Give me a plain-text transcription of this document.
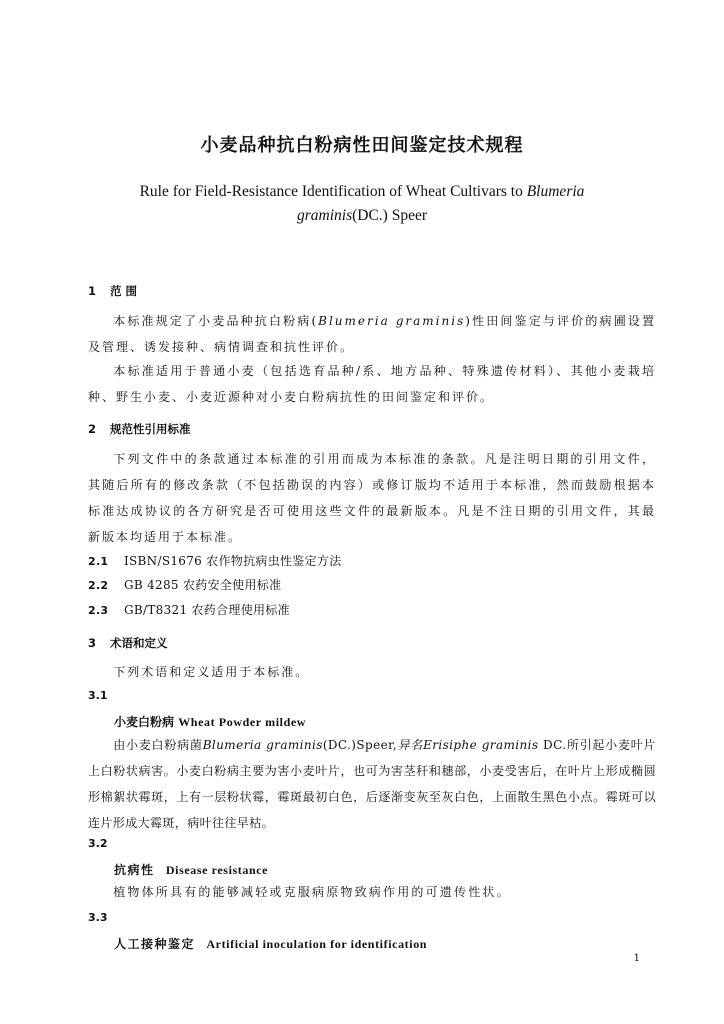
小麦品种抗白粉病性田间鉴定技术规程
Rule for Field-Resistance Identification of Wheat Cultivars to Blumeria
graminis(DC.) Speer
1 范 围

本标准规定了小麦品种抗白粉病(Blumeria graminis)性田间鉴定与评价的病圃设置及管理、诱发接种、病情调查和抗性评价。

本标准适用于普通小麦（包括选育品种/系、地方品种、特殊遗传材料）、其他小麦栽培种、野生小麦、小麦近源种对小麦白粉病抗性的田间鉴定和评价。

2 规范性引用标准

下列文件中的条款通过本标准的引用而成为本标准的条款。凡是注明日期的引用文件，其随后所有的修改条款（不包括勘误的内容）或修订版均不适用于本标准，然而鼓励根据本标准达成协议的各方研究是否可使用这些文件的最新版本。凡是不注日期的引用文件，其最新版本均适用于本标准。

2.1 ISBN/S1676 农作物抗病虫性鉴定方法
2.2 GB 4285 农药安全使用标准
2.3 GB/T8321 农药合理使用标准
3 术语和定义

下列术语和定义适用于本标准。

3.1
小麦白粉病 Wheat Powder mildew

由小麦白粉病菌Blumeria graminis(DC.)Speer,异名Erisiphe graminis DC.所引起小麦叶片上白粉状病害。小麦白粉病主要为害小麦叶片，也可为害茎秆和穗部，小麦受害后，在叶片上形成椭圆形棉絮状霉斑，上有一层粉状霉，霉斑最初白色，后逐渐变灰至灰白色，上面散生黑色小点。霉斑可以连片形成大霉斑，病叶往往早枯。

3.2
抗病性 Disease resistance

植物体所具有的能够减轻或克服病原物致病作用的可遗传性状。

3.3
人工接种鉴定 Artificial inoculation for identification
1
